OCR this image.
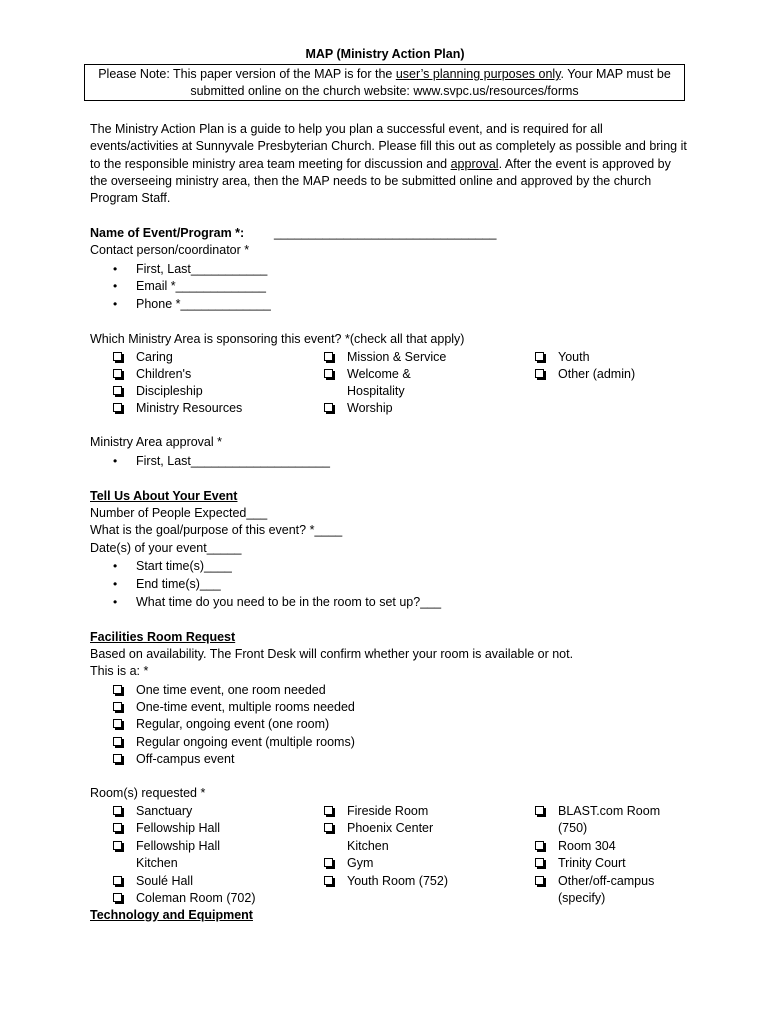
MAP (Ministry Action Plan)
Please Note: This paper version of the MAP is for the user’s planning purposes only. Your MAP must be submitted online on the church website: www.svpc.us/resources/forms
The Ministry Action Plan is a guide to help you plan a successful event, and is required for all events/activities at Sunnyvale Presbyterian Church. Please fill this out as completely as possible and bring it to the responsible ministry area team meeting for discussion and approval. After the event is approved by the overseeing ministry area, then the MAP needs to be submitted online and approved by the church Program Staff.
Name of Event/Program *: ________________________________
Contact person/coordinator *
• First, Last___________
• Email *_____________
• Phone *_____________
Which Ministry Area is sponsoring this event? *(check all that apply)
Caring
Children's
Discipleship
Ministry Resources
Mission & Service
Welcome &
Hospitality
Worship
Youth
Other (admin)
Ministry Area approval *
• First, Last____________________
Tell Us About Your Event
Number of People Expected___
What is the goal/purpose of this event? *____
Date(s) of your event_____
• Start time(s)____
• End time(s)___
• What time do you need to be in the room to set up?___
Facilities Room Request
Based on availability. The Front Desk will confirm whether your room is available or not.
This is a: *
One time event, one room needed
One-time event, multiple rooms needed
Regular, ongoing event (one room)
Regular ongoing event (multiple rooms)
Off-campus event
Room(s) requested *
Sanctuary
Fellowship Hall
Fellowship Hall
Kitchen
Soulé Hall
Coleman Room (702)
Fireside Room
Phoenix Center
Kitchen
Gym
Youth Room (752)
BLAST.com Room
(750)
Room 304
Trinity Court
Other/off-campus
(specify)
Technology and Equipment
